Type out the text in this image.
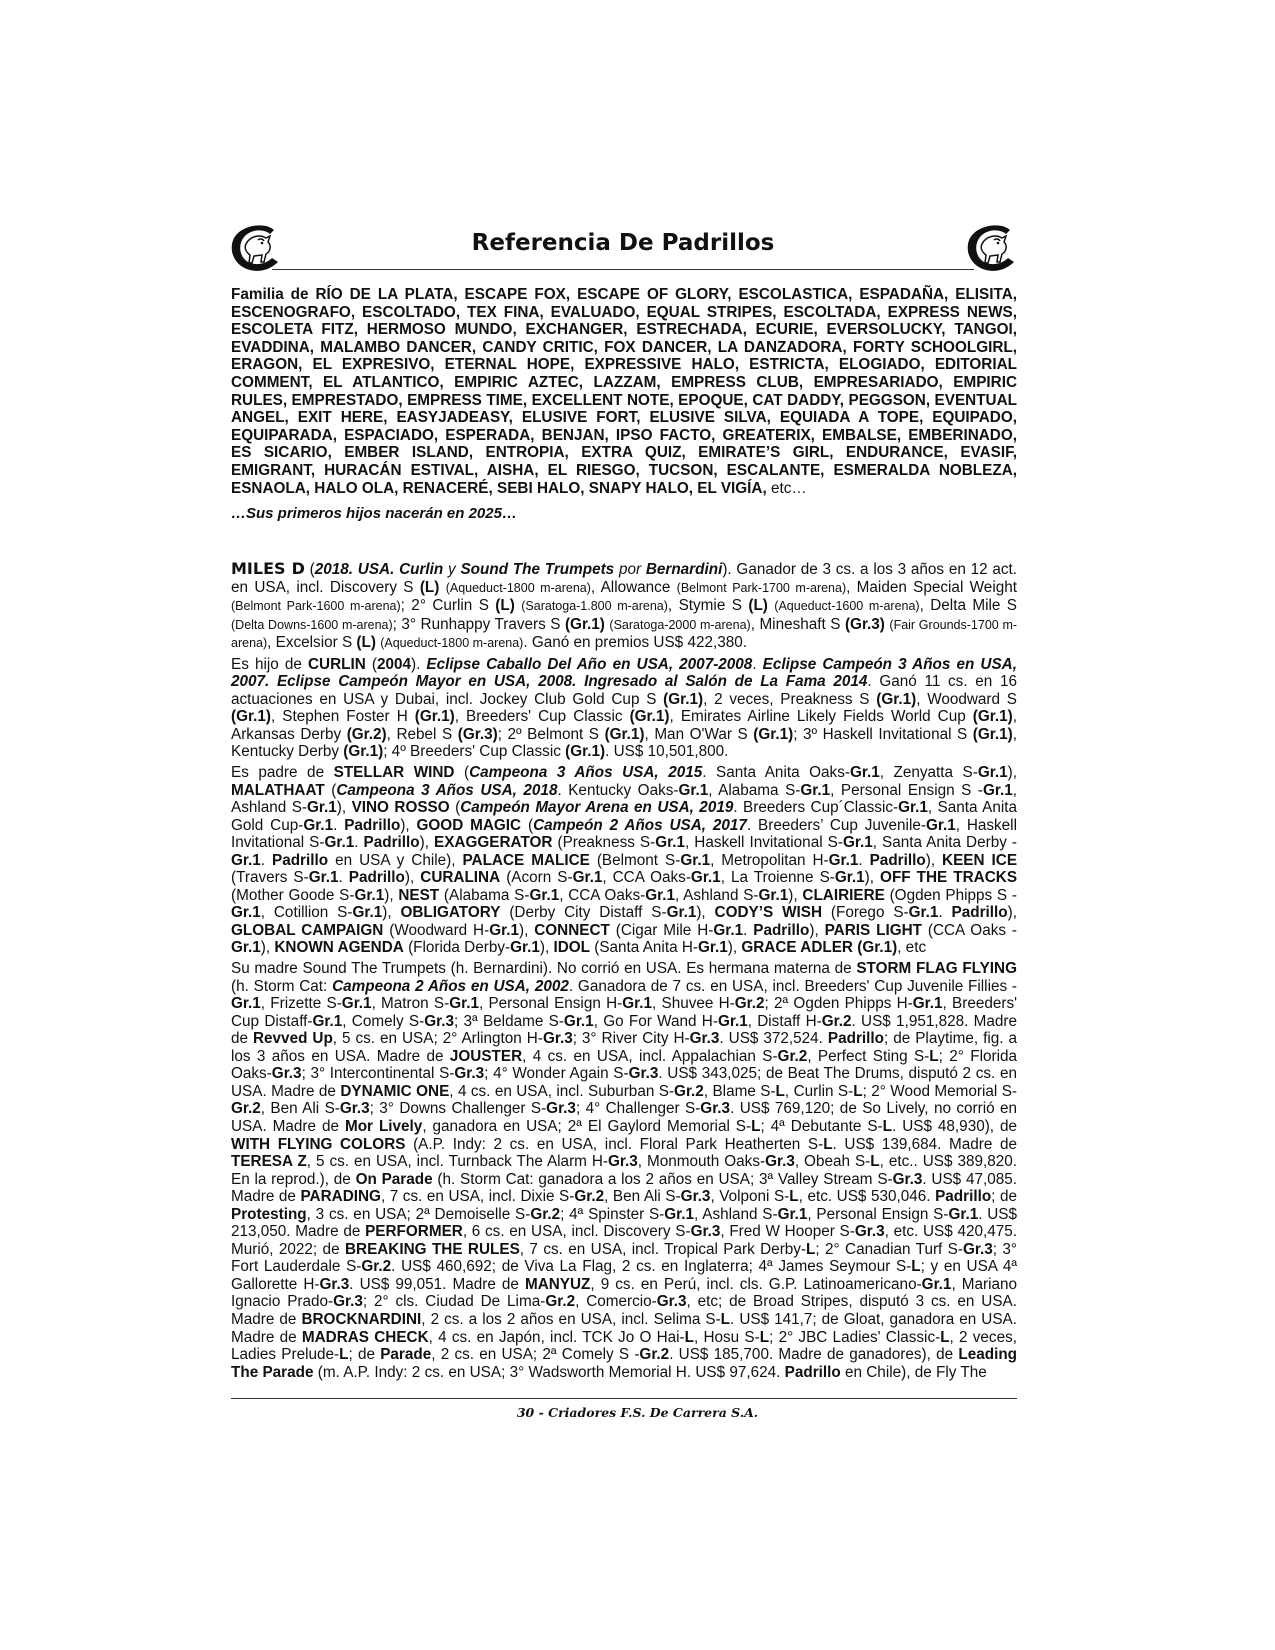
Referencia De Padrillos

Familia de RÍO DE LA PLATA, ESCAPE FOX, ESCAPE OF GLORY, ESCOLASTICA, ESPADAÑA, ELISITA, ESCENOGRAFO, ESCOLTADO, TEX FINA, EVALUADO, EQUAL STRIPES, ESCOLTADA, EXPRESS NEWS, ESCOLETA FITZ, HERMOSO MUNDO, EXCHANGER, ESTRECHADA, ECURIE, EVERSOLUCKY, TANGOI, EVADDINA, MALAMBO DANCER, CANDY CRITIC, FOX DANCER, LA DANZADORA, FORTY SCHOOLGIRL, ERAGON, EL EXPRESIVO, ETERNAL HOPE, EXPRESSIVE HALO, ESTRICTA, ELOGIADO, EDITORIAL COMMENT, EL ATLANTICO, EMPIRIC AZTEC, LAZZAM, EMPRESS CLUB, EMPRESARIADO, EMPIRIC RULES, EMPRESTADO, EMPRESS TIME, EXCELLENT NOTE, EPOQUE, CAT DADDY, PEGGSON, EVENTUAL ANGEL, EXIT HERE, EASYJADEASY, ELUSIVE FORT, ELUSIVE SILVA, EQUIADA A TOPE, EQUIPADO, EQUIPARADA, ESPACIADO, ESPERADA, BENJAN, IPSO FACTO, GREATERIX, EMBALSE, EMBERINADO, ES SICARIO, EMBER ISLAND, ENTROPIA, EXTRA QUIZ, EMIRATE’S GIRL, ENDURANCE, EVASIF, EMIGRANT, HURACÁN ESTIVAL, AISHA, EL RIESGO, TUCSON, ESCALANTE, ESMERALDA NOBLEZA, ESNAOLA, HALO OLA, RENACERÉ, SEBI HALO, SNAPY HALO, EL VIGÍA, etc…

…Sus primeros hijos nacerán en 2025…

MILES D (2018. USA. Curlin y Sound The Trumpets por Bernardini). Ganador de 3 cs. a los 3 años en 12 act. en USA, incl. Discovery S (L) (Aqueduct-1800 m-arena), Allowance (Belmont Park-1700 m-arena), Maiden Special Weight (Belmont Park-1600 m-arena); 2° Curlin S (L) (Saratoga-1.800 m-arena), Stymie S (L) (Aqueduct-1600 m-arena), Delta Mile S (Delta Downs-1600 m-arena); 3° Runhappy Travers S (Gr.1) (Saratoga-2000 m-arena), Mineshaft S (Gr.3) (Fair Grounds-1700 m-arena), Excelsior S (L) (Aqueduct-1800 m-arena). Ganó en premios US$ 422,380.

Es hijo de CURLIN (2004). Eclipse Caballo Del Año en USA, 2007-2008. Eclipse Campeón 3 Años en USA, 2007. Eclipse Campeón Mayor en USA, 2008. Ingresado al Salón de La Fama 2014. Ganó 11 cs. en 16 actuaciones en USA y Dubai, incl. Jockey Club Gold Cup S (Gr.1), 2 veces, Preakness S (Gr.1), Woodward S (Gr.1), Stephen Foster H (Gr.1), Breeders' Cup Classic (Gr.1), Emirates Airline Likely Fields World Cup (Gr.1), Arkansas Derby (Gr.2), Rebel S (Gr.3); 2º Belmont S (Gr.1), Man O'War S (Gr.1); 3º Haskell Invitational S (Gr.1), Kentucky Derby (Gr.1); 4º Breeders' Cup Classic (Gr.1). US$ 10,501,800.

Es padre de STELLAR WIND (Campeona 3 Años USA, 2015. Santa Anita Oaks-Gr.1, Zenyatta S-Gr.1), MALATHAAT (Campeona 3 Años USA, 2018. Kentucky Oaks-Gr.1, Alabama S-Gr.1, Personal Ensign S -Gr.1, Ashland S-Gr.1), VINO ROSSO (Campeón Mayor Arena en USA, 2019. Breeders Cup´Classic-Gr.1, Santa Anita Gold Cup-Gr.1. Padrillo), GOOD MAGIC (Campeón 2 Años USA, 2017. Breeders’ Cup Juvenile-Gr.1, Haskell Invitational S-Gr.1. Padrillo), EXAGGERATOR (Preakness S-Gr.1, Haskell Invitational S-Gr.1, Santa Anita Derby -Gr.1. Padrillo en USA y Chile), PALACE MALICE (Belmont S-Gr.1, Metropolitan H-Gr.1. Padrillo), KEEN ICE (Travers S-Gr.1. Padrillo), CURALINA (Acorn S-Gr.1, CCA Oaks-Gr.1, La Troienne S-Gr.1), OFF THE TRACKS (Mother Goode S-Gr.1), NEST (Alabama S-Gr.1, CCA Oaks-Gr.1, Ashland S-Gr.1), CLAIRIERE (Ogden Phipps S -Gr.1, Cotillion S-Gr.1), OBLIGATORY (Derby City Distaff S-Gr.1), CODY’S WISH (Forego S-Gr.1. Padrillo), GLOBAL CAMPAIGN (Woodward H-Gr.1), CONNECT (Cigar Mile H-Gr.1. Padrillo), PARIS LIGHT (CCA Oaks -Gr.1), KNOWN AGENDA (Florida Derby-Gr.1), IDOL (Santa Anita H-Gr.1), GRACE ADLER (Gr.1), etc

Su madre Sound The Trumpets (h. Bernardini). No corrió en USA. Es hermana materna de STORM FLAG FLYING (h. Storm Cat: Campeona 2 Años en USA, 2002. Ganadora de 7 cs. en USA, incl. Breeders' Cup Juvenile Fillies -Gr.1, Frizette S-Gr.1, Matron S-Gr.1, Personal Ensign H-Gr.1, Shuvee H-Gr.2; 2ª Ogden Phipps H-Gr.1, Breeders' Cup Distaff-Gr.1, Comely S-Gr.3; 3ª Beldame S-Gr.1, Go For Wand H-Gr.1, Distaff H-Gr.2. US$ 1,951,828. Madre de Revved Up, 5 cs. en USA; 2° Arlington H-Gr.3; 3° River City H-Gr.3. US$ 372,524. Padrillo; de Playtime, fig. a los 3 años en USA. Madre de JOUSTER, 4 cs. en USA, incl. Appalachian S-Gr.2, Perfect Sting S-L; 2° Florida Oaks-Gr.3; 3° Intercontinental S-Gr.3; 4° Wonder Again S-Gr.3. US$ 343,025; de Beat The Drums, disputó 2 cs. en USA. Madre de DYNAMIC ONE, 4 cs. en USA, incl. Suburban S-Gr.2, Blame S-L, Curlin S-L; 2° Wood Memorial S-Gr.2, Ben Ali S-Gr.3; 3° Downs Challenger S-Gr.3; 4° Challenger S-Gr.3. US$ 769,120; de So Lively, no corrió en USA. Madre de Mor Lively, ganadora en USA; 2ª El Gaylord Memorial S-L; 4ª Debutante S-L. US$ 48,930), de WITH FLYING COLORS (A.P. Indy: 2 cs. en USA, incl. Floral Park Heatherten S-L. US$ 139,684. Madre de TERESA Z, 5 cs. en USA, incl. Turnback The Alarm H-Gr.3, Monmouth Oaks-Gr.3, Obeah S-L, etc.. US$ 389,820. En la reprod.), de On Parade (h. Storm Cat: ganadora a los 2 años en USA; 3ª Valley Stream S-Gr.3. US$ 47,085. Madre de PARADING, 7 cs. en USA, incl. Dixie S-Gr.2, Ben Ali S-Gr.3, Volponi S-L, etc. US$ 530,046. Padrillo; de Protesting, 3 cs. en USA; 2ª Demoiselle S-Gr.2; 4ª Spinster S-Gr.1, Ashland S-Gr.1, Personal Ensign S-Gr.1. US$ 213,050. Madre de PERFORMER, 6 cs. en USA, incl. Discovery S-Gr.3, Fred W Hooper S-Gr.3, etc. US$ 420,475. Murió, 2022; de BREAKING THE RULES, 7 cs. en USA, incl. Tropical Park Derby-L; 2° Canadian Turf S-Gr.3; 3° Fort Lauderdale S-Gr.2. US$ 460,692; de Viva La Flag, 2 cs. en Inglaterra; 4ª James Seymour S-L; y en USA 4ª Gallorette H-Gr.3. US$ 99,051. Madre de MANYUZ, 9 cs. en Perú, incl. cls. G.P. Latinoamericano-Gr.1, Mariano Ignacio Prado-Gr.3; 2° cls. Ciudad De Lima-Gr.2, Comercio-Gr.3, etc; de Broad Stripes, disputó 3 cs. en USA. Madre de BROCKNARDINI, 2 cs. a los 2 años en USA, incl. Selima S-L. US$ 141,7; de Gloat, ganadora en USA. Madre de MADRAS CHECK, 4 cs. en Japón, incl. TCK Jo O Hai-L, Hosu S-L; 2° JBC Ladies' Classic-L, 2 veces, Ladies Prelude-L; de Parade, 2 cs. en USA; 2ª Comely S -Gr.2. US$ 185,700. Madre de ganadores), de Leading The Parade (m. A.P. Indy: 2 cs. en USA; 3° Wadsworth Memorial H. US$ 97,624. Padrillo en Chile), de Fly The

30 - Criadores F.S. De Carrera S.A.
